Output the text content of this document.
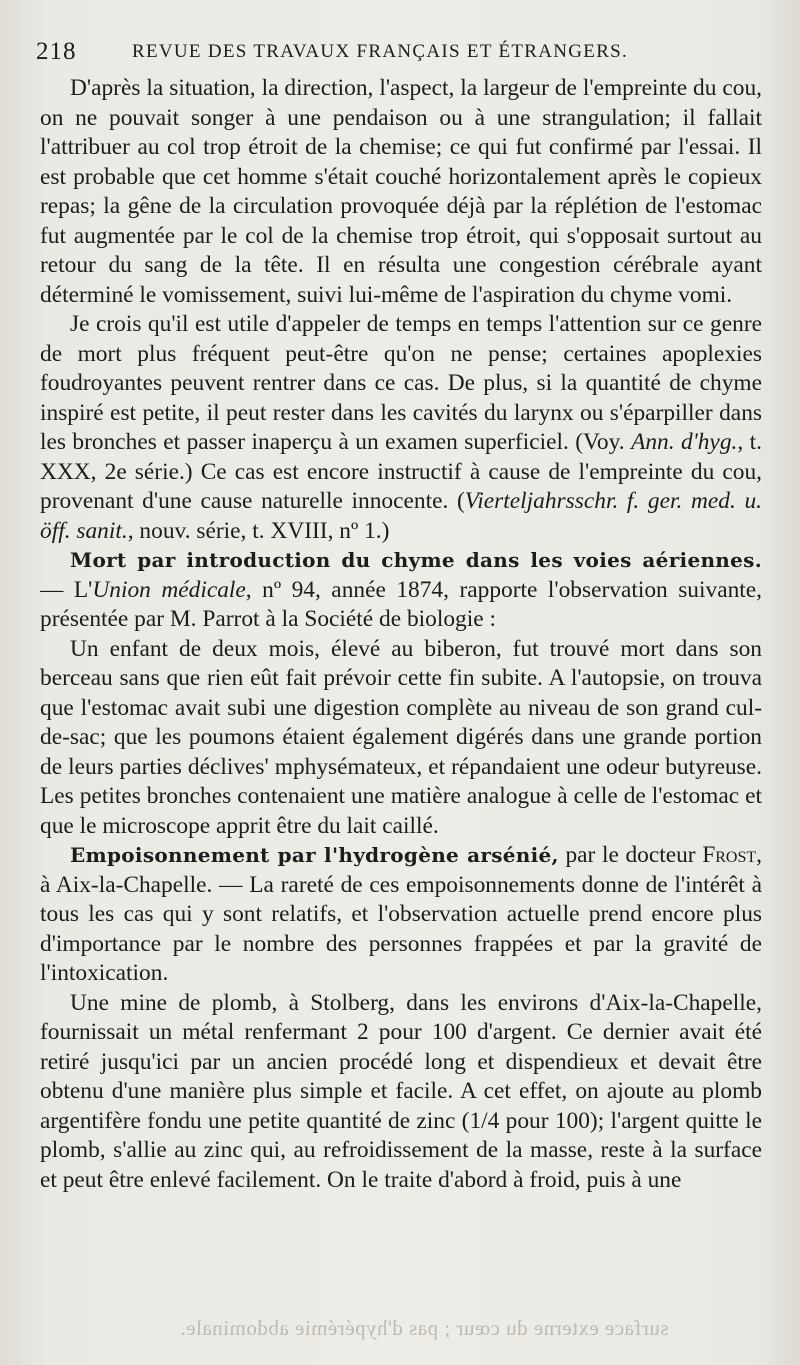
218	REVUE DES TRAVAUX FRANÇAIS ET ÉTRANGERS.

D'après la situation, la direction, l'aspect, la largeur de l'empreinte du cou, on ne pouvait songer à une pendaison ou à une strangulation; il fallait l'attribuer au col trop étroit de la chemise; ce qui fut confirmé par l'essai. Il est probable que cet homme s'était couché horizontalement après le copieux repas; la gêne de la circulation provoquée déjà par la réplétion de l'estomac fut augmentée par le col de la chemise trop étroit, qui s'opposait surtout au retour du sang de la tête. Il en résulta une congestion cérébrale ayant déterminé le vomissement, suivi lui-même de l'aspiration du chyme vomi.

Je crois qu'il est utile d'appeler de temps en temps l'attention sur ce genre de mort plus fréquent peut-être qu'on ne pense; certaines apoplexies foudroyantes peuvent rentrer dans ce cas. De plus, si la quantité de chyme inspiré est petite, il peut rester dans les cavités du larynx ou s'éparpiller dans les bronches et passer inaperçu à un examen superficiel. (Voy. Ann. d'hyg., t. XXX, 2e série.) Ce cas est encore instructif à cause de l'empreinte du cou, provenant d'une cause naturelle innocente. (Vierteljahrsschr. f. ger. med. u. öff. sanit., nouv. série, t. XVIII, nº 1.)

Mort par introduction du chyme dans les voies aériennes. — L'Union médicale, nº 94, année 1874, rapporte l'observation suivante, présentée par M. Parrot à la Société de biologie :

Un enfant de deux mois, élevé au biberon, fut trouvé mort dans son berceau sans que rien eût fait prévoir cette fin subite. A l'autopsie, on trouva que l'estomac avait subi une digestion complète au niveau de son grand cul-de-sac; que les poumons étaient également digérés dans une grande portion de leurs parties déclives' mphysémateux, et répandaient une odeur butyreuse. Les petites bronches contenaient une matière analogue à celle de l'estomac et que le microscope apprit être du lait caillé.

Empoisonnement par l'hydrogène arsénié, par le docteur Frost, à Aix-la-Chapelle. — La rareté de ces empoisonnements donne de l'intérêt à tous les cas qui y sont relatifs, et l'observation actuelle prend encore plus d'importance par le nombre des personnes frappées et par la gravité de l'intoxication.

Une mine de plomb, à Stolberg, dans les environs d'Aix-la-Chapelle, fournissait un métal renfermant 2 pour 100 d'argent. Ce dernier avait été retiré jusqu'ici par un ancien procédé long et dispendieux et devait être obtenu d'une manière plus simple et facile. A cet effet, on ajoute au plomb argentifère fondu une petite quantité de zinc (1/4 pour 100); l'argent quitte le plomb, s'allie au zinc qui, au refroidissement de la masse, reste à la surface et peut être enlevé facilement. On le traite d'abord à froid, puis à une

surface externe du cœur ; pas d'hypérémie abdominale.
